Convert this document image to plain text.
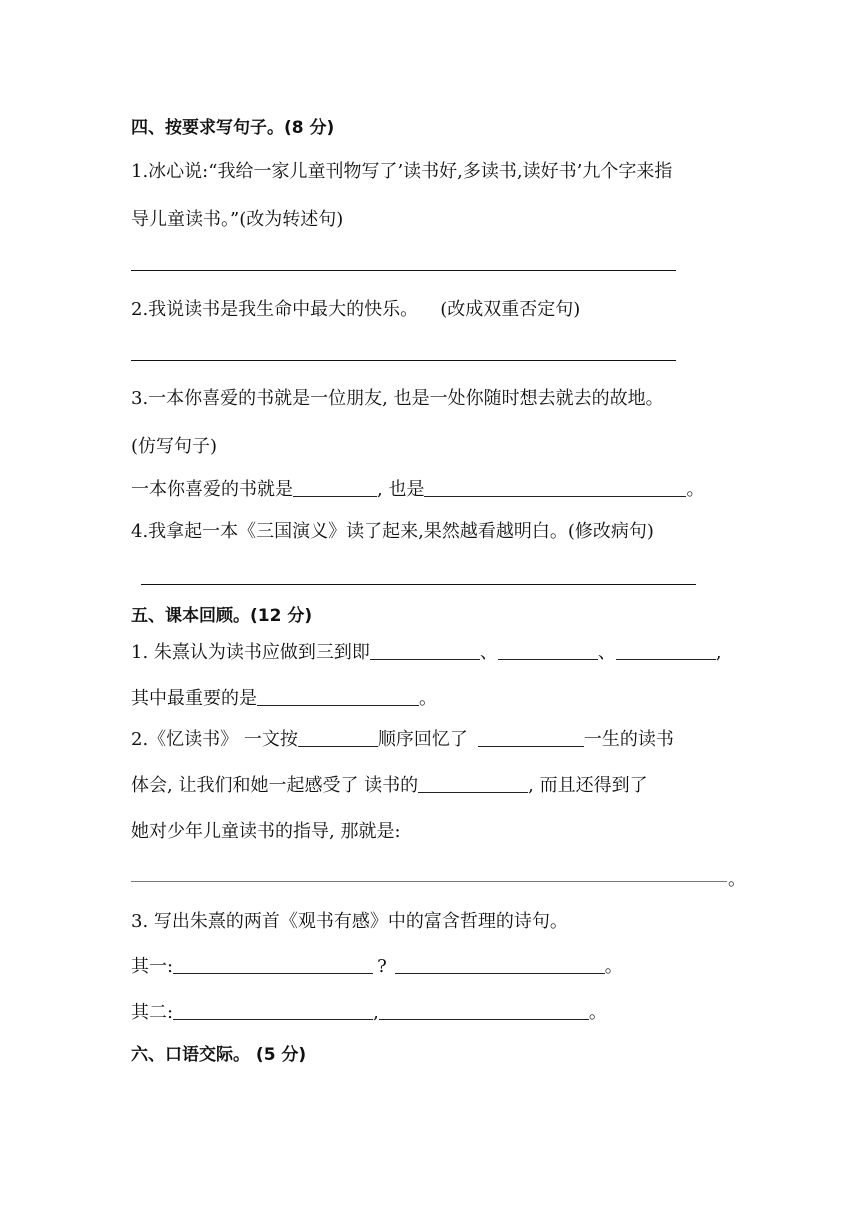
四、按要求写句子。(8 分)
1.冰心说:“我给一家儿童刊物写了’读书好,多读书,读好书’九个字来指
导儿童读书。”(改为转述句)
2.我说读书是我生命中最大的快乐。 (改成双重否定句)
3.一本你喜爱的书就是一位朋友, 也是一处你随时想去就去的故地。
(仿写句子)
一本你喜爱的书就是	, 也是	。
4.我拿起一本《三国演义》读了起来,果然越看越明白。(修改病句)
五、课本回顾。(12 分)
1. 朱熹认为读书应做到三到即	、	、	,
其中最重要的是	。
2.《忆读书》 一文按	顺序回忆了	一生的读书
体会, 让我们和她一起感受了 读书的	, 而且还得到了
她对少年儿童读书的指导, 那就是:
。
3. 写出朱熹的两首《观书有感》中的富含哲理的诗句。
其一:	?	。
其二:	,	。
六、口语交际。 (5 分)
